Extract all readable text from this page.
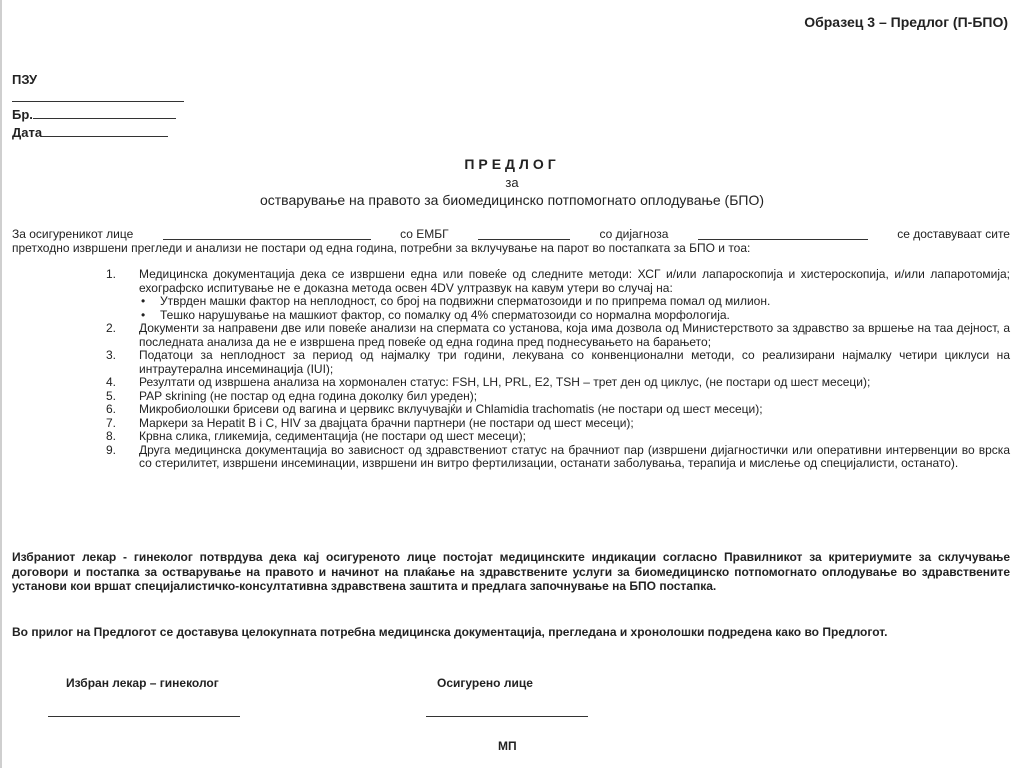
Образец 3 – Предлог (П-БПО)
ПЗУ
Бр.
Дата
ПРЕДЛОГ
за
остварување на правото за биомедицинско потпомогнато оплодување (БПО)
За осигуреникот лице	со ЕМБГ	со дијагноза	се доставуваат сите
претходно извршени прегледи и анализи не постари од една година, потребни за вклучување на парот во постапката за БПО и тоа:
1. Медицинска документација дека се извршени една или повеќе од следните методи: ХСГ и/или лапароскопија и хистероскопија, и/или лапаротомија; ехографско испитување не е доказна метода освен 4DV ултразвук на кавум утери во случај на:
• Утврден машки фактор на неплодност, со број на подвижни сперматозоиди и по припрема помал од милион.
• Тешко нарушување на машкиот фактор, со помалку од 4% сперматозоиди со нормална морфологија.
2. Документи за направени две или повеќе анализи на спермата со установа, која има дозвола од Министерството за здравство за вршење на таа дејност, а последната анализа да не е извршена пред повеќе од една година пред поднесувањето на барањето;
3. Податоци за неплодност за период од најмалку три години, лекувана со конвенционални методи, со реализирани најмалку четири циклуси на интраутерална инсеминација (IUI);
4. Резултати од извршена анализа на хормонален статус: FSH, LH, PRL, E2, TSH – трет ден од циклус, (не постари од шест месеци);
5. PAP skrining (не постар од една година доколку бил уреден);
6. Микробиолошки брисеви од вагина и цервикс вклучувајќи и Chlamidia trachomatis (не постари од шест месеци);
7. Маркери за Hepatit B i C, HIV за двајцата брачни партнери (не постари од шест месеци);
8. Крвна слика, гликемија, седиментација (не постари од шест месеци);
9. Друга медицинска документација во зависност од здравствениот статус на брачниот пар (извршени дијагностички или оперативни интервенции во врска со стерилитет, извршени инсеминации, извршени ин витро фертилизации, останати заболувања, терапија и мислење од специјалисти, останато).
Избраниот лекар - гинеколог потврдува дека кај осигуреното лице постојат медицинските индикации согласно Правилникот за критериумите за склучување договори и постапка за остварување на правото и начинот на плаќање на здравствените услуги за биомедицинско потпомогнато оплодување во здравствените установи кои вршат специјалистичко-консултативна здравствена заштита и предлага започнување на БПО постапка.
Во прилог на Предлогот се доставува целокупната потребна медицинска документација, прегледана и хронолошки подредена како во Предлогот.
Избран лекар – гинеколог	Осигурено лице
МП
